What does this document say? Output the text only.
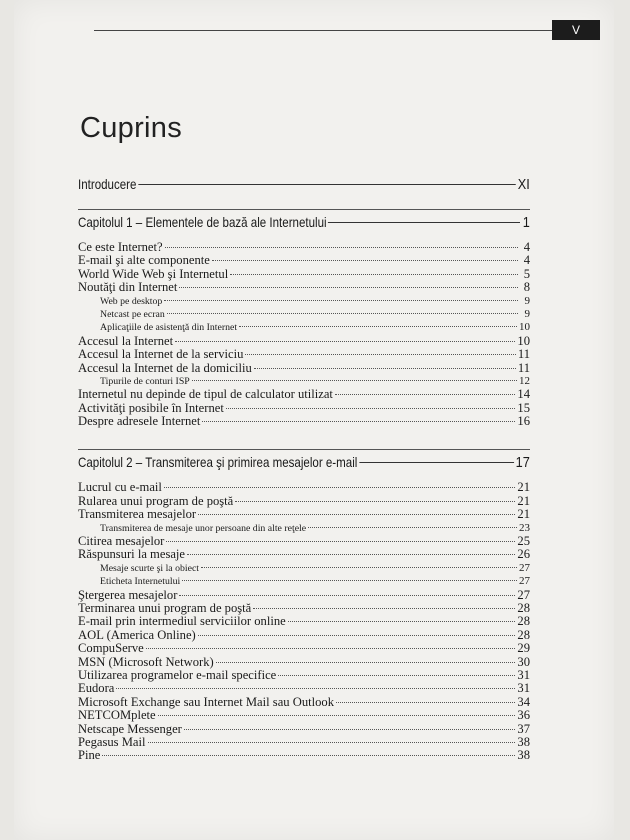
V
Cuprins
Introducere	XI
Capitolul 1 – Elementele de bază ale Internetului	1
Ce este Internet?	4
E-mail şi alte componente	4
World Wide Web şi Internetul	5
Noutăţi din Internet	8
Web pe desktop	9
Netcast pe ecran	9
Aplicaţiile de asistenţă din Internet	10
Accesul la Internet	10
Accesul la Internet de la serviciu	11
Accesul la Internet de la domiciliu	11
Tipurile de conturi ISP	12
Internetul nu depinde de tipul de calculator utilizat	14
Activităţi posibile în Internet	15
Despre adresele Internet	16
Capitolul 2 – Transmiterea şi primirea mesajelor e-mail	17
Lucrul cu e-mail	21
Rularea unui program de poştă	21
Transmiterea mesajelor	21
Transmiterea de mesaje unor persoane din alte reţele	23
Citirea mesajelor	25
Răspunsuri la mesaje	26
Mesaje scurte şi la obiect	27
Eticheta Internetului	27
Ştergerea mesajelor	27
Terminarea unui program de poştă	28
E-mail prin intermediul serviciilor online	28
AOL (America Online)	28
CompuServe	29
MSN (Microsoft Network)	30
Utilizarea programelor e-mail specifice	31
Eudora	31
Microsoft Exchange sau Internet Mail sau Outlook	34
NETCOMplete	36
Netscape Messenger	37
Pegasus Mail	38
Pine	38
